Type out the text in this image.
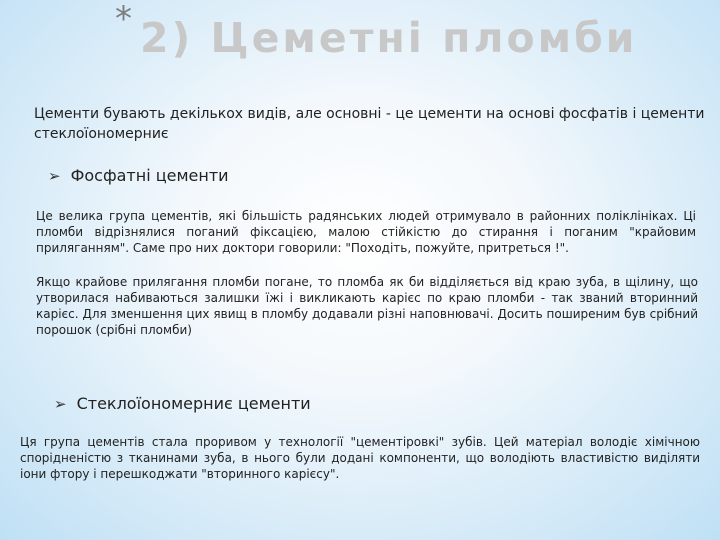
* 2) Цеметні пломби
Цементи бувають декількох видів, але основні - це цементи на основі фосфатів і цементи стеклоїономерниє
➢ Фосфатні цементи
Це велика група цементів, які більшість радянських людей отримувало в районних поліклініках. Ці пломби відрізнялися поганий фіксацією, малою стійкістю до стирання і поганим "крайовим приляганням". Саме про них доктори говорили: "Походіть, пожуйте, притреться !".
Якщо крайове прилягання пломби погане, то пломба як би відділяється від краю зуба, в щілину, що утворилася набиваються залишки їжі і викликають карієс по краю пломби - так званий вторинний карієс. Для зменшення цих явищ в пломбу додавали різні наповнювачі. Досить поширеним був срібний порошок (срібні пломби)
➢ Стеклоїономерниє цементи
Ця група цементів стала проривом у технології "цементіровкі" зубів. Цей матеріал володіє хімічною спорідненістю з тканинами зуба, в нього були додані компоненти, що володіють властивістю виділяти іони фтору і перешкоджати "вторинного карієсу".
